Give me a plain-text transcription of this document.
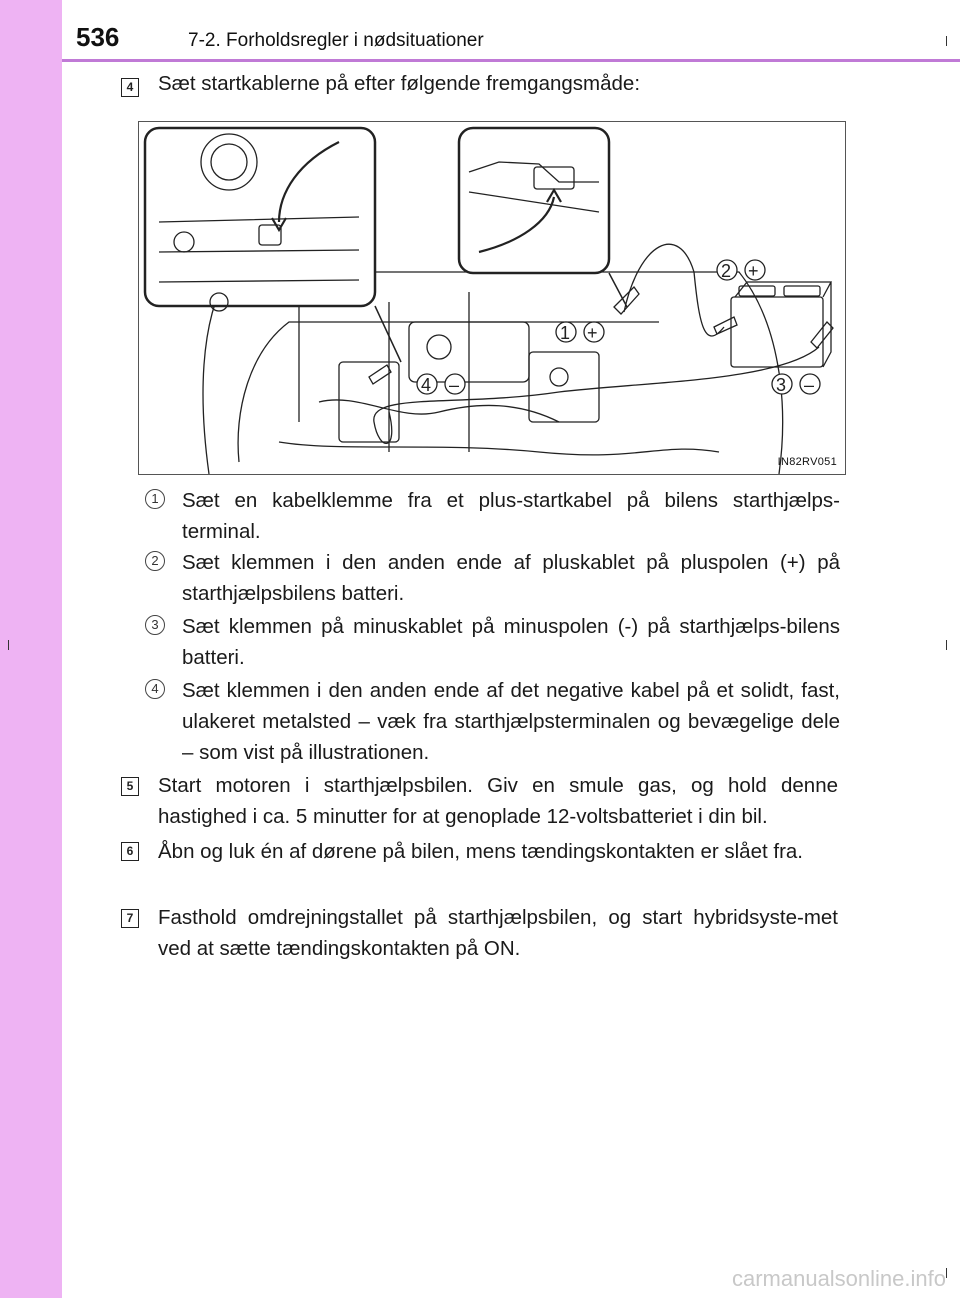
536	7-2. Forholdsregler i nødsituationer
4 Sæt startkablerne på efter følgende fremgangsmåde:
1 +
2 +
3 –
4 –
IN82RV051
1	Sæt en kabelklemme fra et plus-startkabel på bilens starthjælps-terminal.
2	Sæt klemmen i den anden ende af pluskablet på pluspolen (+) på starthjælpsbilens batteri.
3	Sæt klemmen på minuskablet på minuspolen (-) på starthjælps-bilens batteri.
4	Sæt klemmen i den anden ende af det negative kabel på et solidt, fast, ulakeret metalsted – væk fra starthjælpsterminalen og bevægelige dele – som vist på illustrationen.
5 Start motoren i starthjælpsbilen. Giv en smule gas, og hold denne hastighed i ca. 5 minutter for at genoplade 12-voltsbatteriet i din bil.
6 Åbn og luk én af dørene på bilen, mens tændingskontakten er slået fra.
7 Fasthold omdrejningstallet på starthjælpsbilen, og start hybridsyste-met ved at sætte tændingskontakten på ON.
carmanualsonline.info
